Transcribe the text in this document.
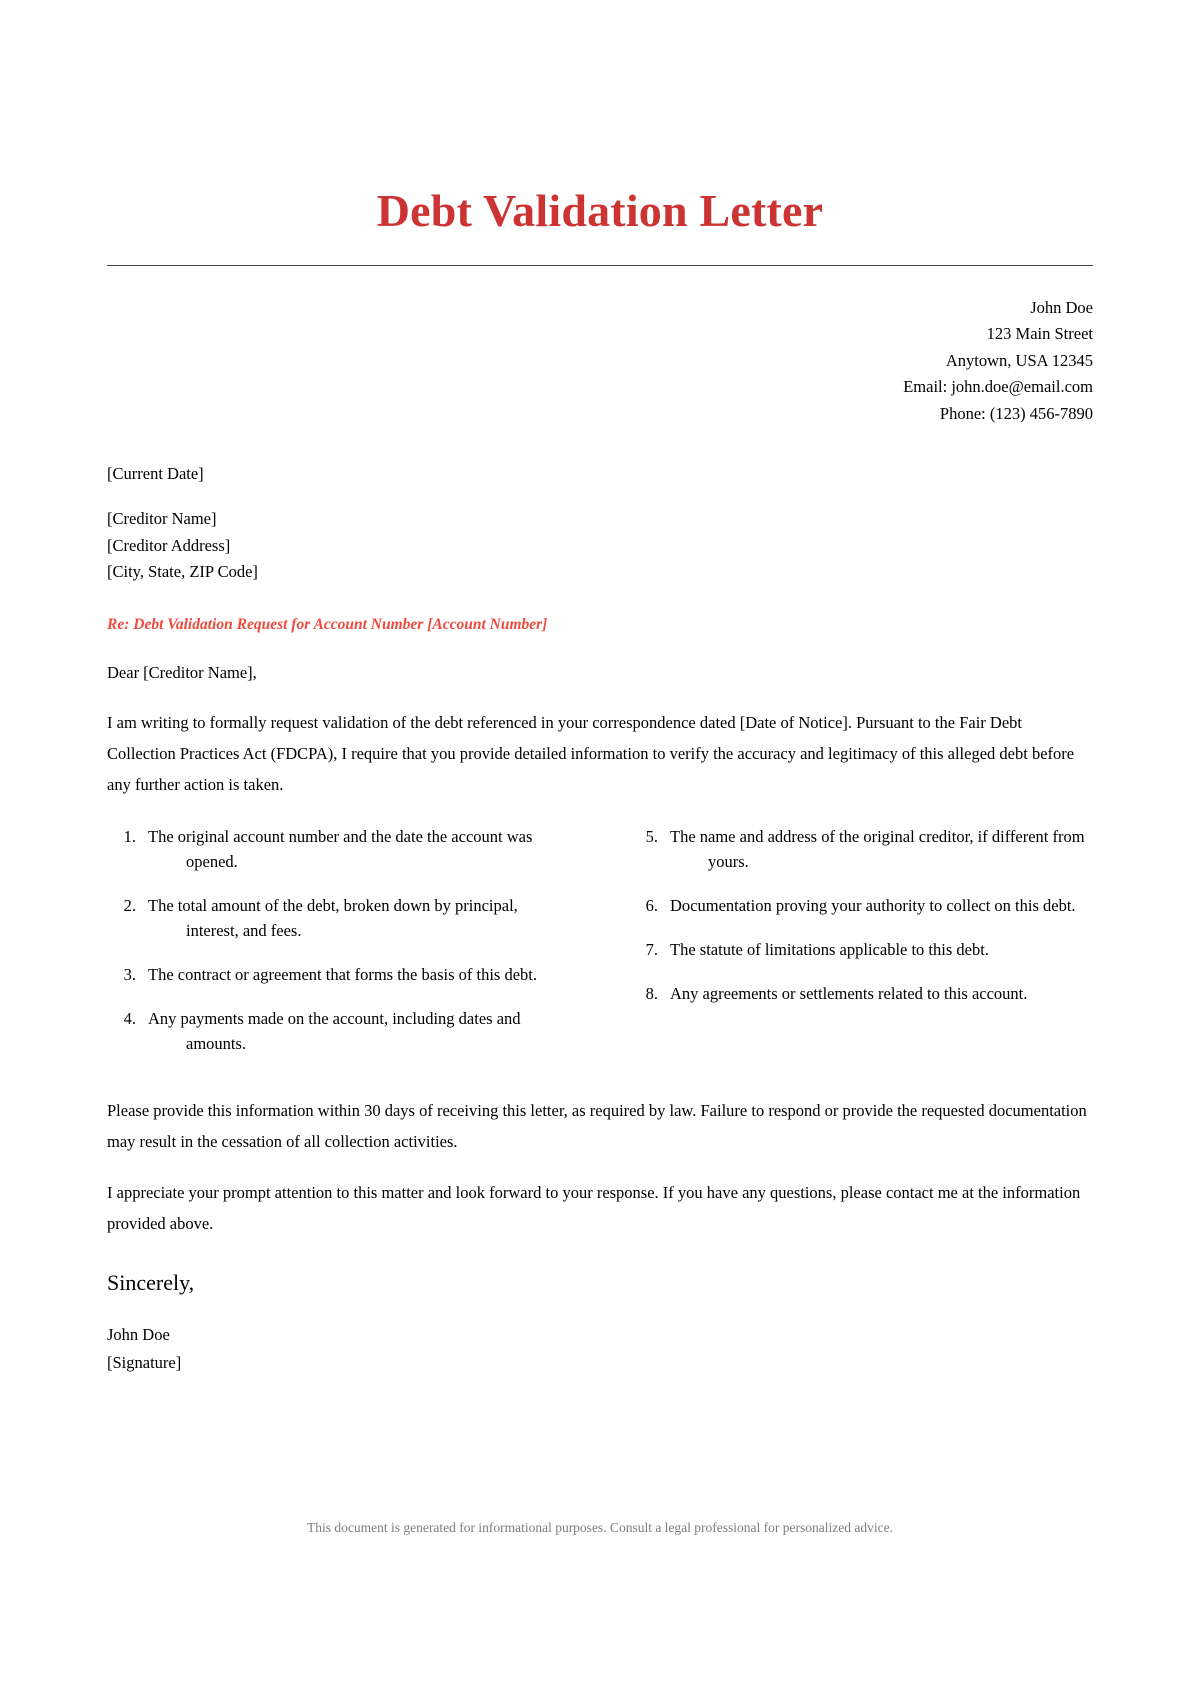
Debt Validation Letter
John Doe
123 Main Street
Anytown, USA 12345
Email: john.doe@email.com
Phone: (123) 456-7890
[Current Date]
[Creditor Name]
[Creditor Address]
[City, State, ZIP Code]
Re: Debt Validation Request for Account Number [Account Number]
Dear [Creditor Name],

I am writing to formally request validation of the debt referenced in your correspondence dated [Date of Notice]. Pursuant to the Fair Debt Collection Practices Act (FDCPA), I require that you provide detailed information to verify the accuracy and legitimacy of this alleged debt before any further action is taken.

1. The original account number and the date the account was opened.
2. The total amount of the debt, broken down by principal, interest, and fees.
3. The contract or agreement that forms the basis of this debt.
4. Any payments made on the account, including dates and amounts.
5. The name and address of the original creditor, if different from yours.
6. Documentation proving your authority to collect on this debt.
7. The statute of limitations applicable to this debt.
8. Any agreements or settlements related to this account.

Please provide this information within 30 days of receiving this letter, as required by law. Failure to respond or provide the requested documentation may result in the cessation of all collection activities.

I appreciate your prompt attention to this matter and look forward to your response. If you have any questions, please contact me at the information provided above.

Sincerely,
John Doe
[Signature]
This document is generated for informational purposes. Consult a legal professional for personalized advice.
